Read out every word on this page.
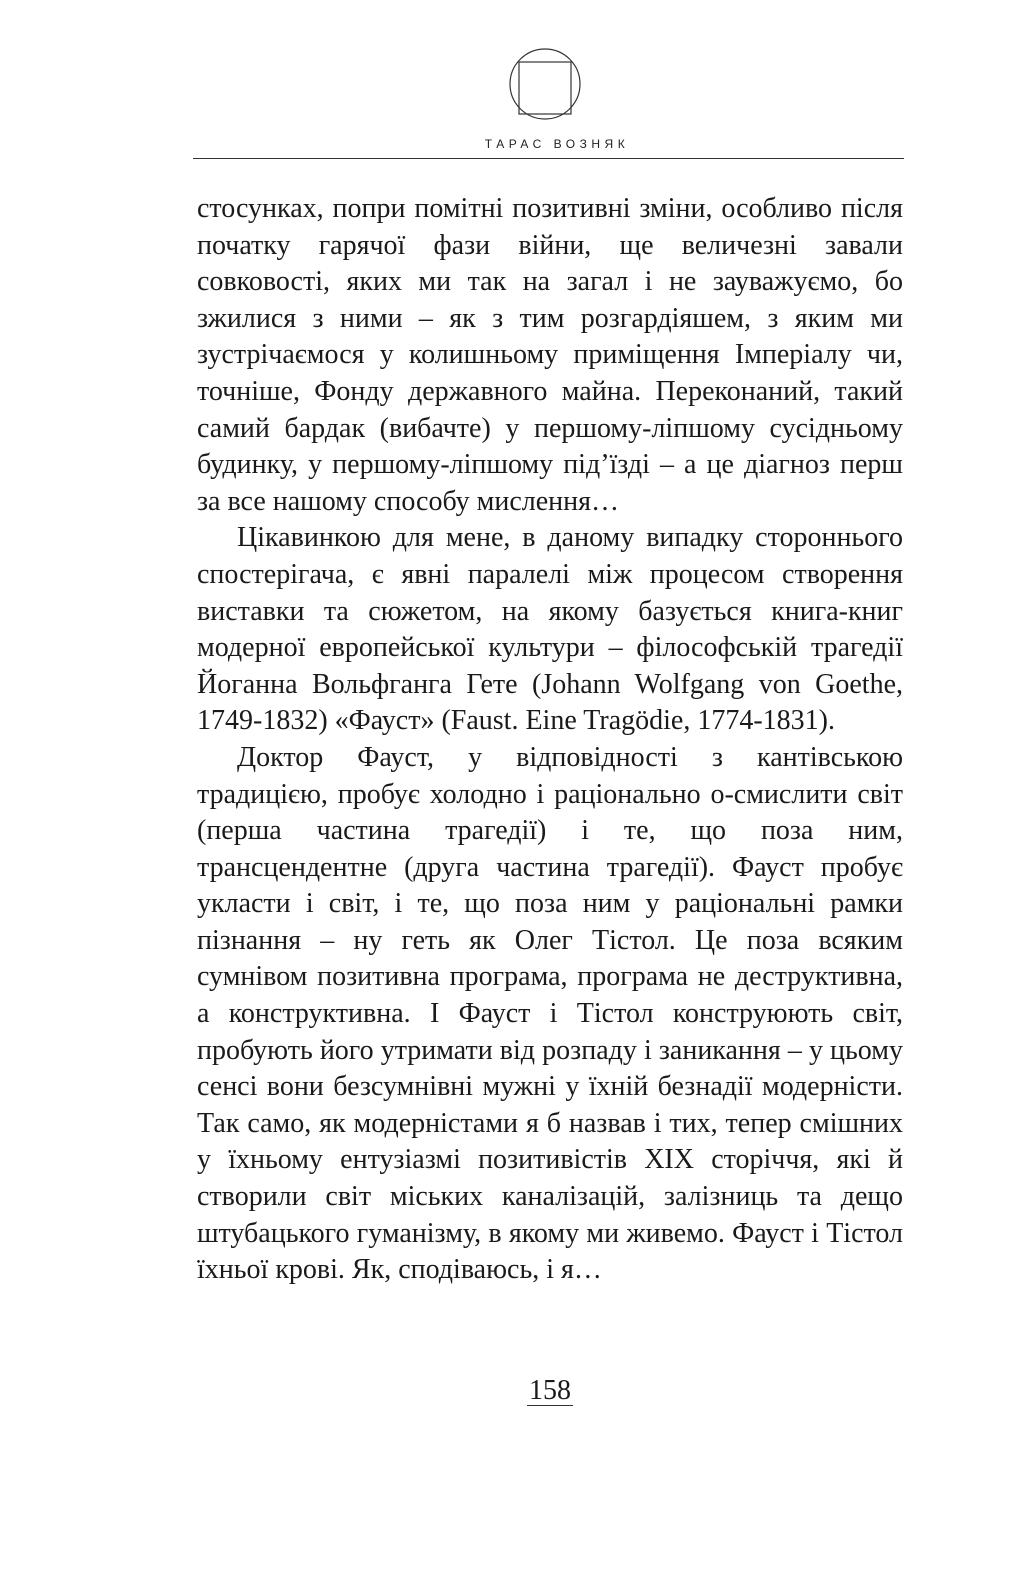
ТАРАС ВОЗНЯК

стосунках, попри помітні позитивні зміни, особливо після початку гарячої фази війни, ще величезні завали совковості, яких ми так на загал і не зауважуємо, бо зжилися з ними – як з тим розгардіяшем, з яким ми зустрічаємося у колишньому приміщення Імперіалу чи, точніше, Фонду державного майна. Переконаний, такий самий бардак (вибачте) у першому-ліпшому сусідньому будинку, у першому-ліпшому під’їзді – а це діагноз перш за все нашому способу мислення…

Цікавинкою для мене, в даному випадку стороннього спостерігача, є явні паралелі між процесом створення виставки та сюжетом, на якому базується книга-книг модерної европейської культури – філософській трагедії Йоганна Вольфганга Гете (Johann Wolfgang von Goethe, 1749-1832) «Фауст» (Faust. Eine Tragödie, 1774-1831).

Доктор Фауст, у відповідності з кантівською традицією, пробує холодно і раціонально о-смислити світ (перша частина трагедії) і те, що поза ним, трансцендентне (друга частина трагедії). Фауст пробує укласти і світ, і те, що поза ним у раціональні рамки пізнання – ну геть як Олег Тістол. Це поза всяким сумнівом позитивна програма, програма не деструктивна, а конструктивна. І Фауст і Тістол конструюють світ, пробують його утримати від розпаду і заникання – у цьому сенсі вони безсумнівні мужні у їхній безнадії модерністи. Так само, як модерністами я б назвав і тих, тепер смішних у їхньому ентузіазмі позитивістів XIX сторіччя, які й створили світ міських каналізацій, залізниць та дещо штубацького гуманізму, в якому ми живемо. Фауст і Тістол їхньої крові. Як, сподіваюсь, і я…

158
